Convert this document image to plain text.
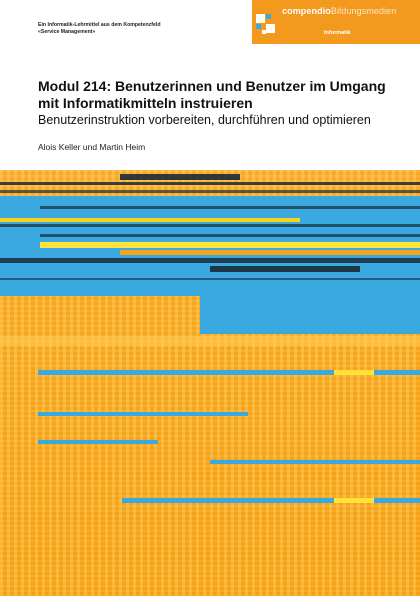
Ein Informatik-Lehrmittel aus dem Kompetenzfeld
«Service Management»
compendioBildungsmedien
Informatik
Modul 214: Benutzerinnen und Benutzer im Umgang mit Informatikmitteln instruieren
Benutzerinstruktion vorbereiten, durchführen und optimieren
Alois Keller und Martin Heim
